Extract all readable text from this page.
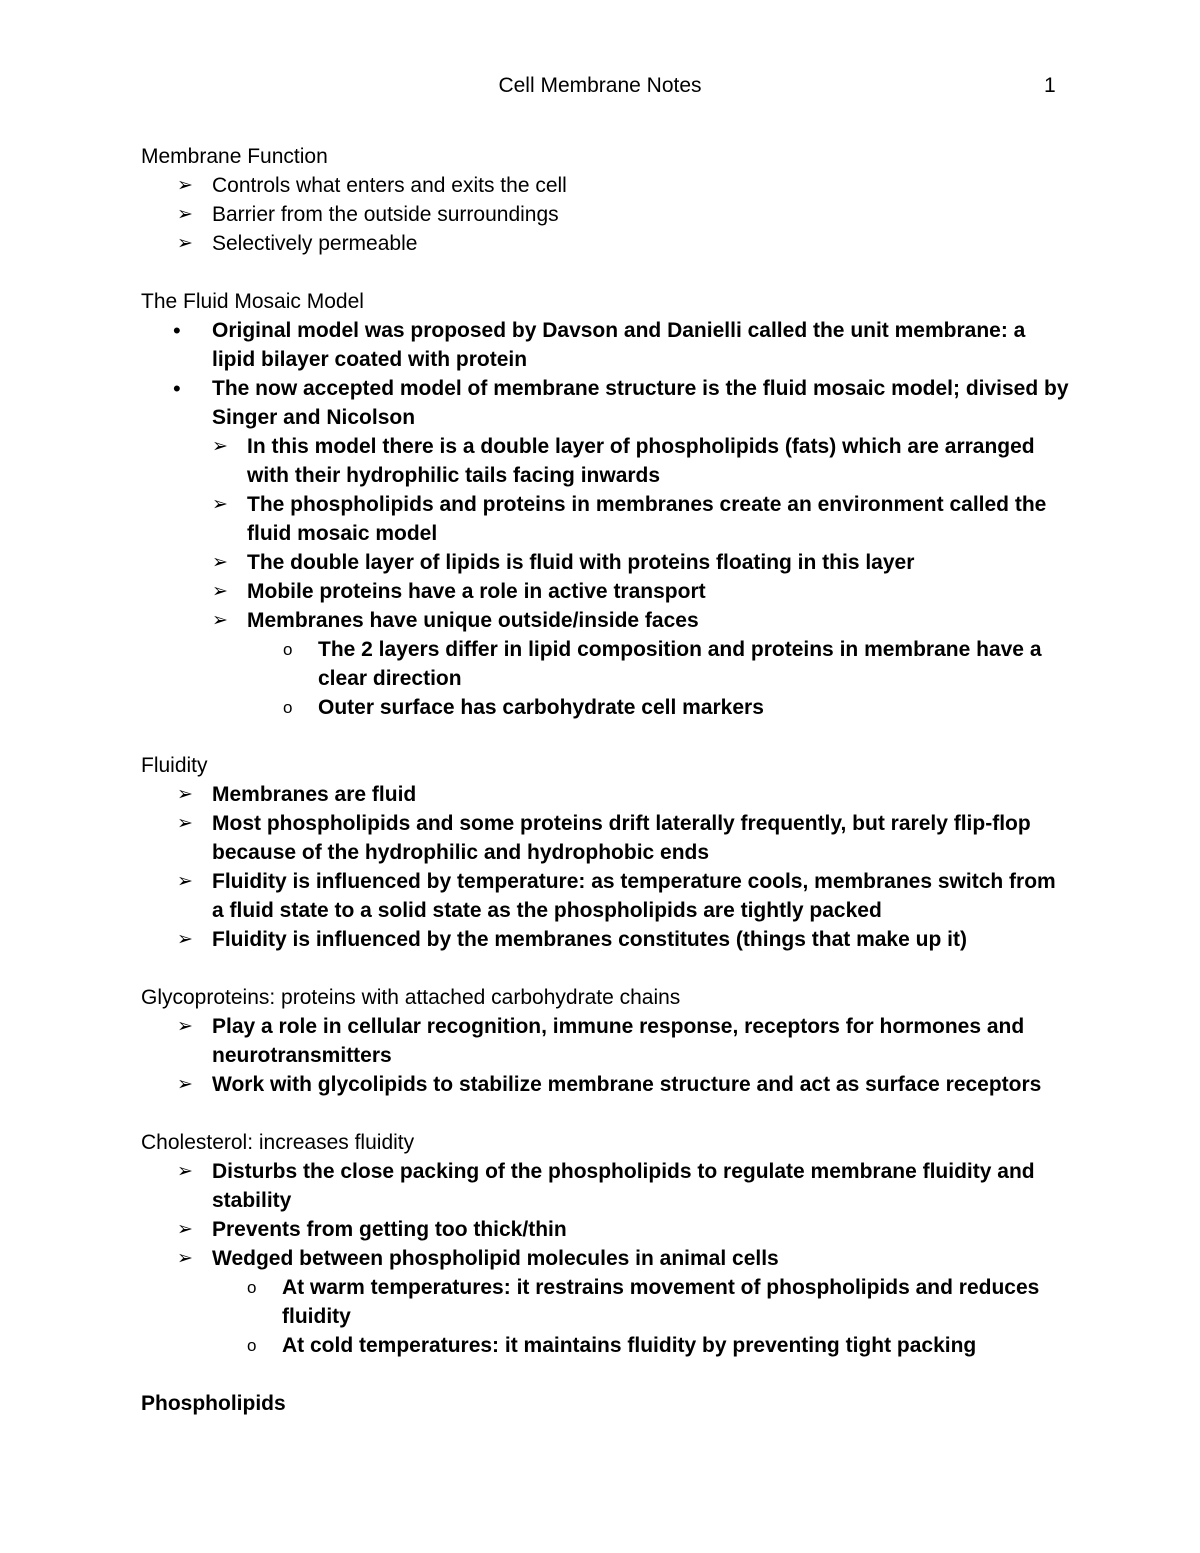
Cell Membrane Notes	1

Membrane Function

➢ Controls what enters and exits the cell
➢ Barrier from the outside surroundings
➢ Selectively permeable

The Fluid Mosaic Model

• Original model was proposed by Davson and Danielli called the unit membrane: a lipid bilayer coated with protein
• The now accepted model of membrane structure is the fluid mosaic model; divised by Singer and Nicolson
➢ In this model there is a double layer of phospholipids (fats) which are arranged with their hydrophilic tails facing inwards
➢ The phospholipids and proteins in membranes create an environment called the fluid mosaic model
➢ The double layer of lipids is fluid with proteins floating in this layer
➢ Mobile proteins have a role in active transport
➢ Membranes have unique outside/inside faces
o The 2 layers differ in lipid composition and proteins in membrane have a clear direction
o Outer surface has carbohydrate cell markers

Fluidity

➢ Membranes are fluid
➢ Most phospholipids and some proteins drift laterally frequently, but rarely flip-flop because of the hydrophilic and hydrophobic ends
➢ Fluidity is influenced by temperature: as temperature cools, membranes switch from a fluid state to a solid state as the phospholipids are tightly packed
➢ Fluidity is influenced by the membranes constitutes (things that make up it)

Glycoproteins: proteins with attached carbohydrate chains

➢ Play a role in cellular recognition, immune response, receptors for hormones and neurotransmitters
➢ Work with glycolipids to stabilize membrane structure and act as surface receptors

Cholesterol: increases fluidity

➢ Disturbs the close packing of the phospholipids to regulate membrane fluidity and stability
➢ Prevents from getting too thick/thin
➢ Wedged between phospholipid molecules in animal cells
o At warm temperatures: it restrains movement of phospholipids and reduces fluidity
o At cold temperatures: it maintains fluidity by preventing tight packing

Phospholipids
